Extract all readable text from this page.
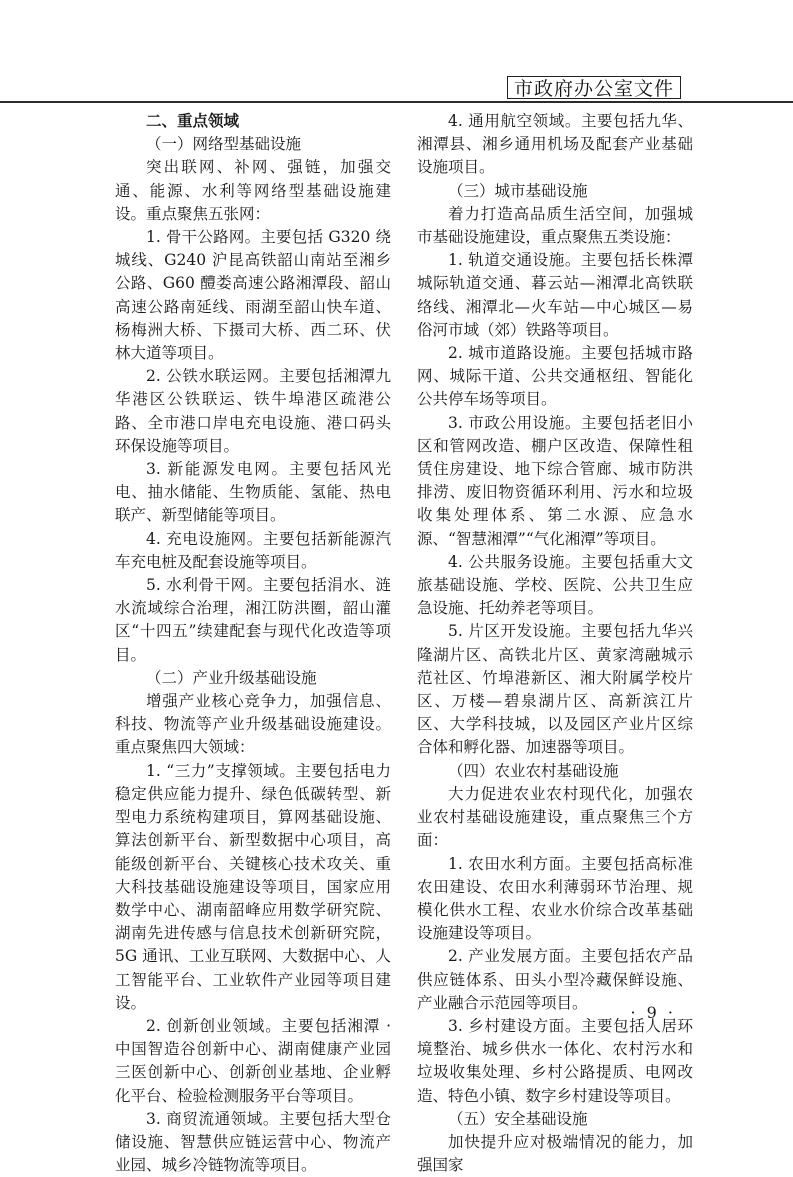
市政府办公室文件

二、重点领域

（一）网络型基础设施

突出联网、补网、强链，加强交通、能源、水利等网络型基础设施建设。重点聚焦五张网：

1. 骨干公路网。主要包括 G320 绕城线、G240 沪昆高铁韶山南站至湘乡公路、G60 醴娄高速公路湘潭段、韶山高速公路南延线、雨湖至韶山快车道、杨梅洲大桥、下摄司大桥、西二环、伏林大道等项目。

2. 公铁水联运网。主要包括湘潭九华港区公铁联运、铁牛埠港区疏港公路、全市港口岸电充电设施、港口码头环保设施等项目。

3. 新能源发电网。主要包括风光电、抽水储能、生物质能、氢能、热电联产、新型储能等项目。

4. 充电设施网。主要包括新能源汽车充电桩及配套设施等项目。

5. 水利骨干网。主要包括涓水、涟水流域综合治理，湘江防洪圈，韶山灌区“十四五”续建配套与现代化改造等项目。

（二）产业升级基础设施

增强产业核心竞争力，加强信息、科技、物流等产业升级基础设施建设。重点聚焦四大领域：

1. “三力”支撑领域。主要包括电力稳定供应能力提升、绿色低碳转型、新型电力系统构建项目，算网基础设施、算法创新平台、新型数据中心项目，高能级创新平台、关键核心技术攻关、重大科技基础设施建设等项目，国家应用数学中心、湖南韶峰应用数学研究院、湖南先进传感与信息技术创新研究院，5G 通讯、工业互联网、大数据中心、人工智能平台、工业软件产业园等项目建设。

2. 创新创业领域。主要包括湘潭 · 中国智造谷创新中心、湖南健康产业园三医创新中心、创新创业基地、企业孵化平台、检验检测服务平台等项目。

3. 商贸流通领域。主要包括大型仓储设施、智慧供应链运营中心、物流产业园、城乡冷链物流等项目。

4. 通用航空领域。主要包括九华、湘潭县、湘乡通用机场及配套产业基础设施项目。

（三）城市基础设施

着力打造高品质生活空间，加强城市基础设施建设，重点聚焦五类设施：

1. 轨道交通设施。主要包括长株潭城际轨道交通、暮云站—湘潭北高铁联络线、湘潭北—火车站—中心城区—易俗河市域（郊）铁路等项目。

2. 城市道路设施。主要包括城市路网、城际干道、公共交通枢纽、智能化公共停车场等项目。

3. 市政公用设施。主要包括老旧小区和管网改造、棚户区改造、保障性租赁住房建设、地下综合管廊、城市防洪排涝、废旧物资循环利用、污水和垃圾收集处理体系、第二水源、应急水源、“智慧湘潭”“气化湘潭”等项目。

4. 公共服务设施。主要包括重大文旅基础设施、学校、医院、公共卫生应急设施、托幼养老等项目。

5. 片区开发设施。主要包括九华兴隆湖片区、高铁北片区、黄家湾融城示范社区、竹埠港新区、湘大附属学校片区、万楼—碧泉湖片区、高新滨江片区、大学科技城，以及园区产业片区综合体和孵化器、加速器等项目。

（四）农业农村基础设施

大力促进农业农村现代化，加强农业农村基础设施建设，重点聚焦三个方面：

1. 农田水利方面。主要包括高标准农田建设、农田水利薄弱环节治理、规模化供水工程、农业水价综合改革基础设施建设等项目。

2. 产业发展方面。主要包括农产品供应链体系、田头小型冷藏保鲜设施、产业融合示范园等项目。

3. 乡村建设方面。主要包括人居环境整治、城乡供水一体化、农村污水和垃圾收集处理、乡村公路提质、电网改造、特色小镇、数字乡村建设等项目。

（五）安全基础设施

加快提升应对极端情况的能力，加强国家

· 9 ·
